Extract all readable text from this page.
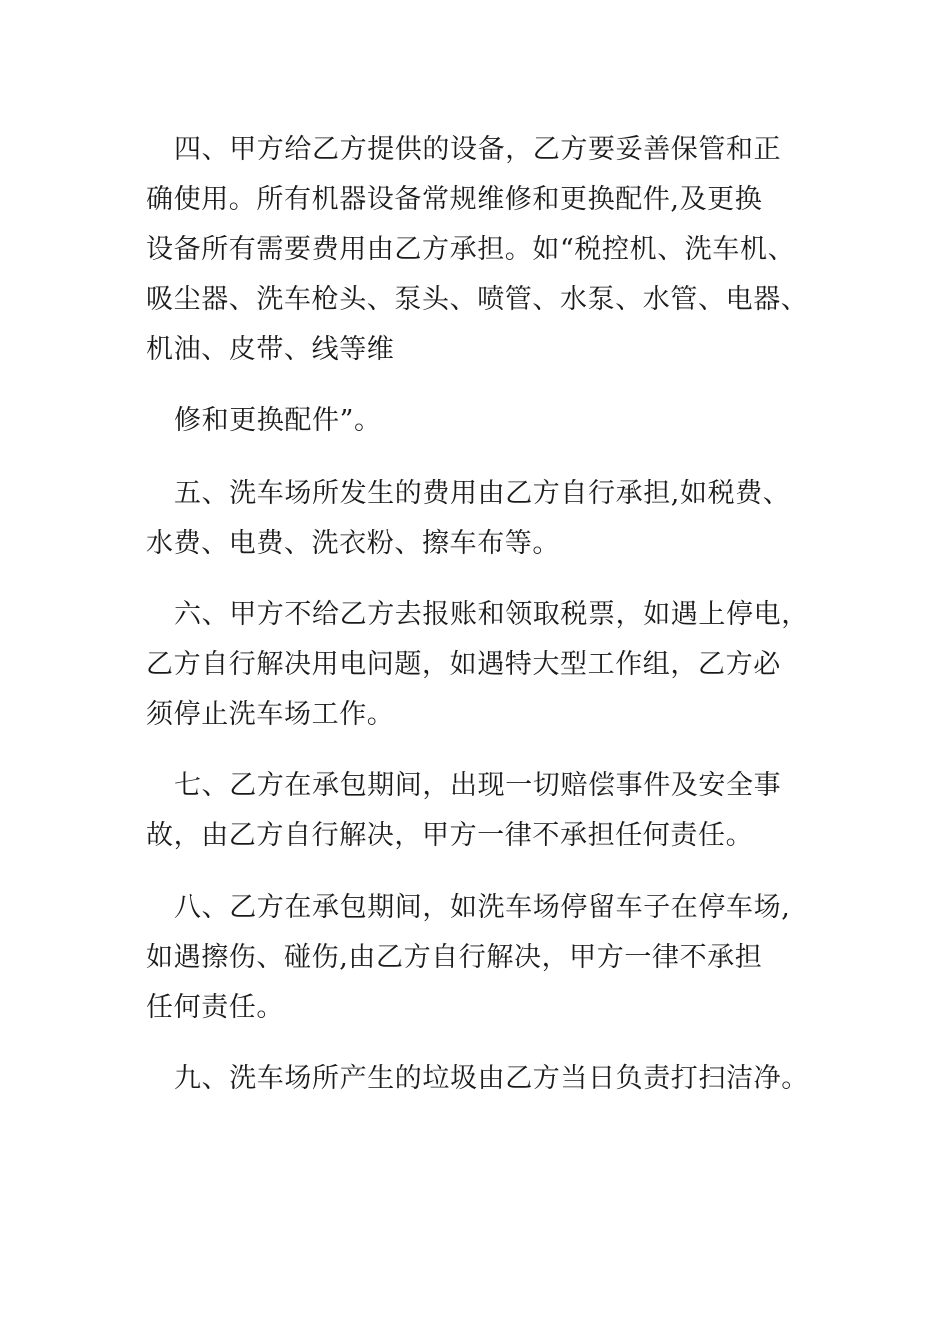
四、甲方给乙方提供的设备，乙方要妥善保管和正
确使用。所有机器设备常规维修和更换配件,及更换
设备所有需要费用由乙方承担。如“税控机、洗车机、
吸尘器、洗车枪头、泵头、喷管、水泵、水管、电器、
机油、皮带、线等维

修和更换配件”。

五、洗车场所发生的费用由乙方自行承担,如税费、
水费、电费、洗衣粉、擦车布等。

六、甲方不给乙方去报账和领取税票，如遇上停电，
乙方自行解决用电问题，如遇特大型工作组，乙方必
须停止洗车场工作。

七、乙方在承包期间，出现一切赔偿事件及安全事
故，由乙方自行解决，甲方一律不承担任何责任。

八、乙方在承包期间，如洗车场停留车子在停车场,
如遇擦伤、碰伤,由乙方自行解决，甲方一律不承担
任何责任。

九、洗车场所产生的垃圾由乙方当日负责打扫洁净。
